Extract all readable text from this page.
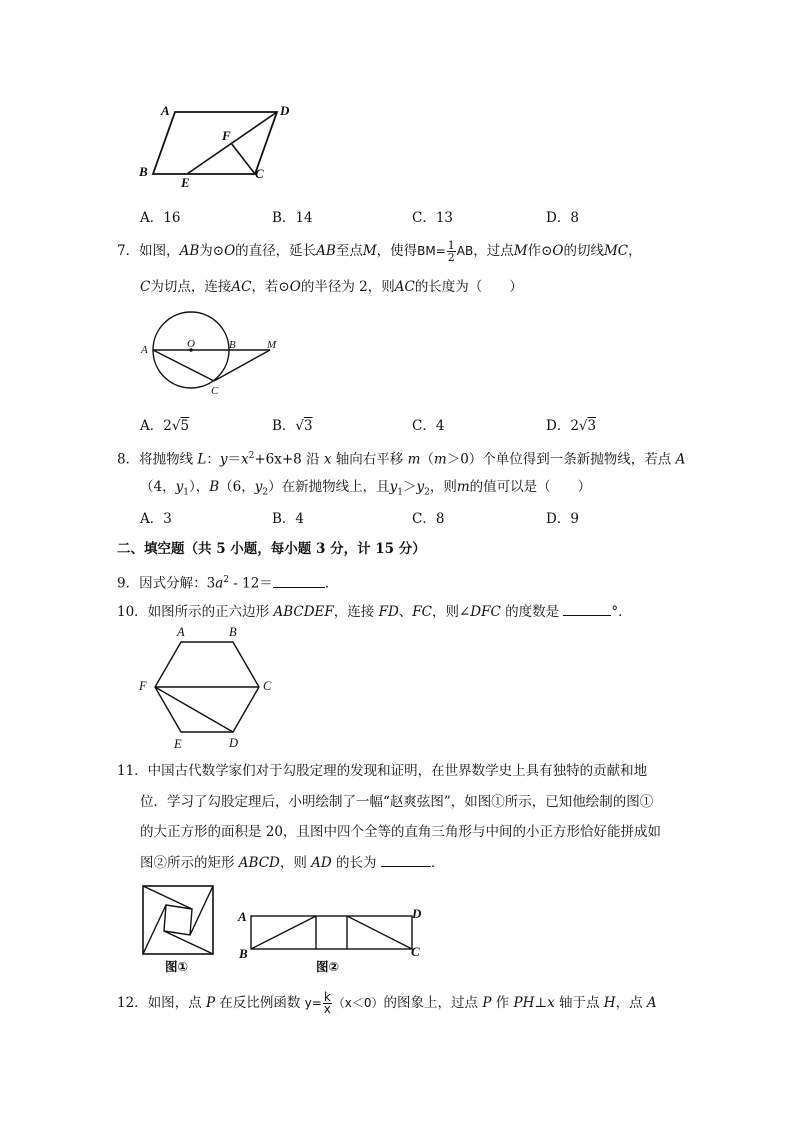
A	D
F
B
E
C
A．16	B．14	C．13	D．8
7．如图，AB为⊙O的直径，延长AB至点M，使得$BM= \frac{1}{2}$ AB，过点M作⊙O的切线MC，
C为切点，连接AC，若⊙O的半径为 2，则AC的长度为（　　）
A	O	B	M
C
A．2√5	B．√3	C．4	D．2√3
8．将抛物线 L：$y=x^2+6x+8$ 沿 x 轴向右平移 m（m＞0）个单位得到一条新抛物线，若点 A
（4，$y_1$），B（6，$y_2$）在新抛物线上，且$y_1>y_2$，则m的值可以是（　　）
A．3	B．4	C．8	D．9
二、填空题（共 5 小题，每小题 3 分，计 15 分）
9．因式分解：$3a^2 - 12=$	．
10．如图所示的正六边形 ABCDEF，连接 FD、FC，则∠DFC 的度数是	°．
A	B
F	C
E	D
11．中国古代数学家们对于勾股定理的发现和证明，在世界数学史上具有独特的贡献和地
位．学习了勾股定理后，小明绘制了一幅“赵爽弦图”，如图①所示，已知他绘制的图①
的大正方形的面积是 20，且图中四个全等的直角三角形与中间的小正方形恰好能拼成如
图②所示的矩形 ABCD，则 AD 的长为	．
图①
A
B
D
C
图②
12．如图，点 P 在反比例函数 $y= \frac{k}{x} (x<0)$的图象上，过点 P 作 PH⊥x 轴于点 H，点 A
